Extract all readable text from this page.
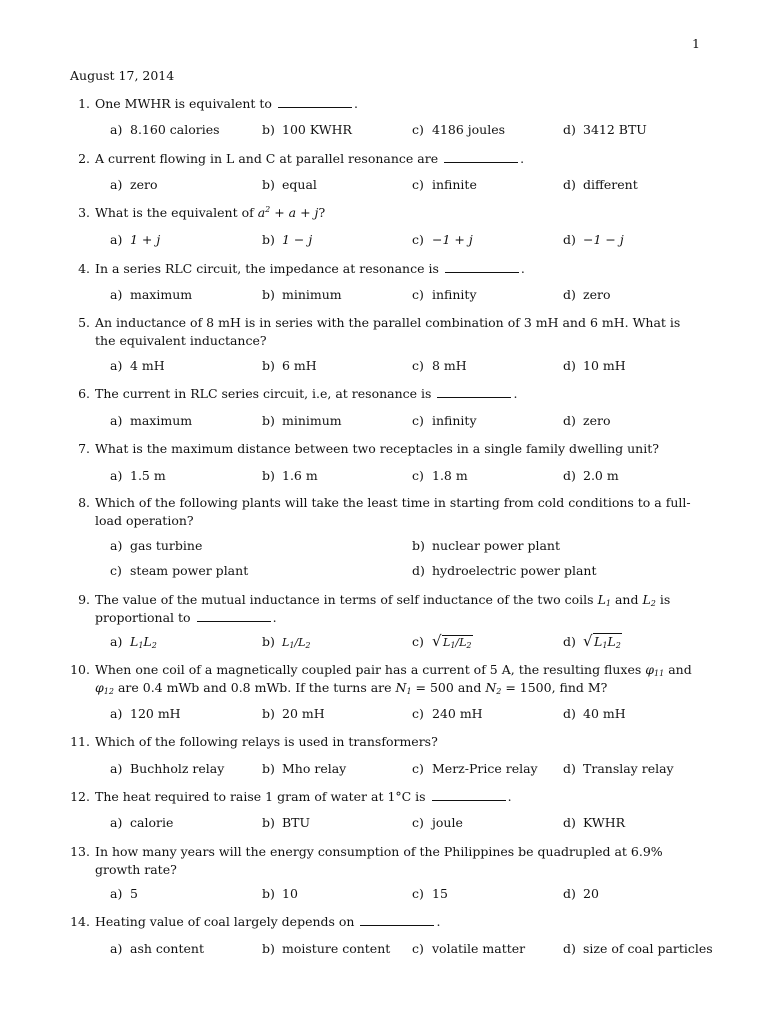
1
August 17, 2014
1. One MWHR is equivalent to	.
a) 8.160 calories	b) 100 KWHR	c) 4186 joules	d) 3412 BTU
2. A current flowing in L and C at parallel resonance are	.
a) zero	b) equal	c) infinite	d) different
3. What is the equivalent of $a^2 + a + j$?
a) 1 + j	b) 1 − j	c) −1 + j	d) −1 − j
4. In a series RLC circuit, the impedance at resonance is	.
a) maximum	b) minimum	c) infinity	d) zero
5. An inductance of 8 mH is in series with the parallel combination of 3 mH and 6 mH. What is the equivalent inductance?
a) 4 mH	b) 6 mH	c) 8 mH	d) 10 mH
6. The current in RLC series circuit, i.e, at resonance is	.
a) maximum	b) minimum	c) infinity	d) zero
7. What is the maximum distance between two receptacles in a single family dwelling unit?
a) 1.5 m	b) 1.6 m	c) 1.8 m	d) 2.0 m
8. Which of the following plants will take the least time in starting from cold conditions to a full-load operation?
a) gas turbine	b) nuclear power plant
c) steam power plant	d) hydroelectric power plant
9. The value of the mutual inductance in terms of self inductance of the two coils $L_1$ and $L_2$ is proportional to	.
a) $L_1L_2$	b) $L_1/L_2$	c) √ $L_1/L_2$	d) √ $L_1L_2$
10. When one coil of a magnetically coupled pair has a current of 5 A, the resulting fluxes $\varphi_{11}$ and $\varphi_{12}$ are 0.4 mWb and 0.8 mWb. If the turns are $N_1 = 500$ and $N_2 = 1500$, find M?
a) 120 mH	b) 20 mH	c) 240 mH	d) 40 mH
11. Which of the following relays is used in transformers?
a) Buchholz relay	b) Mho relay	c) Merz-Price relay d) Translay relay
12. The heat required to raise 1 gram of water at 1°C is	.
a) calorie	b) BTU	c) joule	d) KWHR
13. In how many years will the energy consumption of the Philippines be quadrupled at 6.9% growth rate?
a) 5	b) 10	c) 15	d) 20
14. Heating value of coal largely depends on	.
a) ash content	b) moisture content c) volatile matter	d) size of coal particles
